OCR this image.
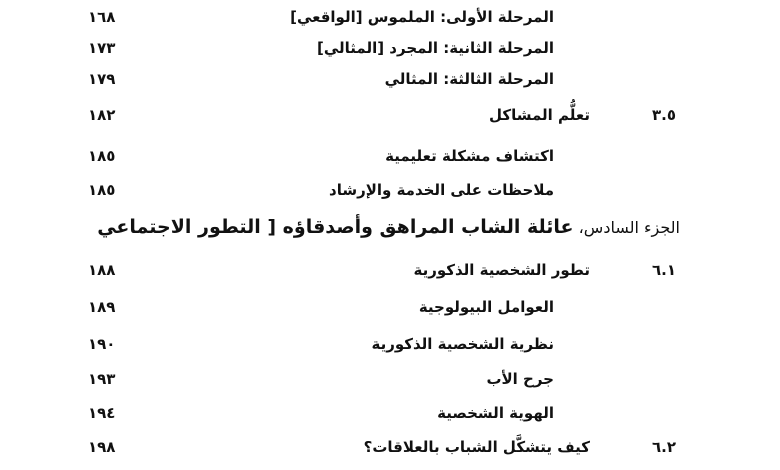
المرحلة الأولى: الملموس [الواقعي]
١٦٨
المرحلة الثانية: المجرد [المثالي]
١٧٣
المرحلة الثالثة: المثالي
١٧٩
٣.٥
تعلُّم المشاكل
١٨٢
اكتشاف مشكلة تعليمية
١٨٥
ملاحظات على الخدمة والإرشاد
١٨٥
الجزء السادس، عائلة الشاب المراهق وأصدقاؤه [ التطور الاجتماعي
٦.١
تطور الشخصية الذكورية
١٨٨
العوامل البيولوجية
١٨٩
نظرية الشخصية الذكورية
١٩٠
جرح الأب
١٩٣
الهوية الشخصية
١٩٤
٦.٢
كيف يتشكَّل الشباب بالعلاقات؟
١٩٨
